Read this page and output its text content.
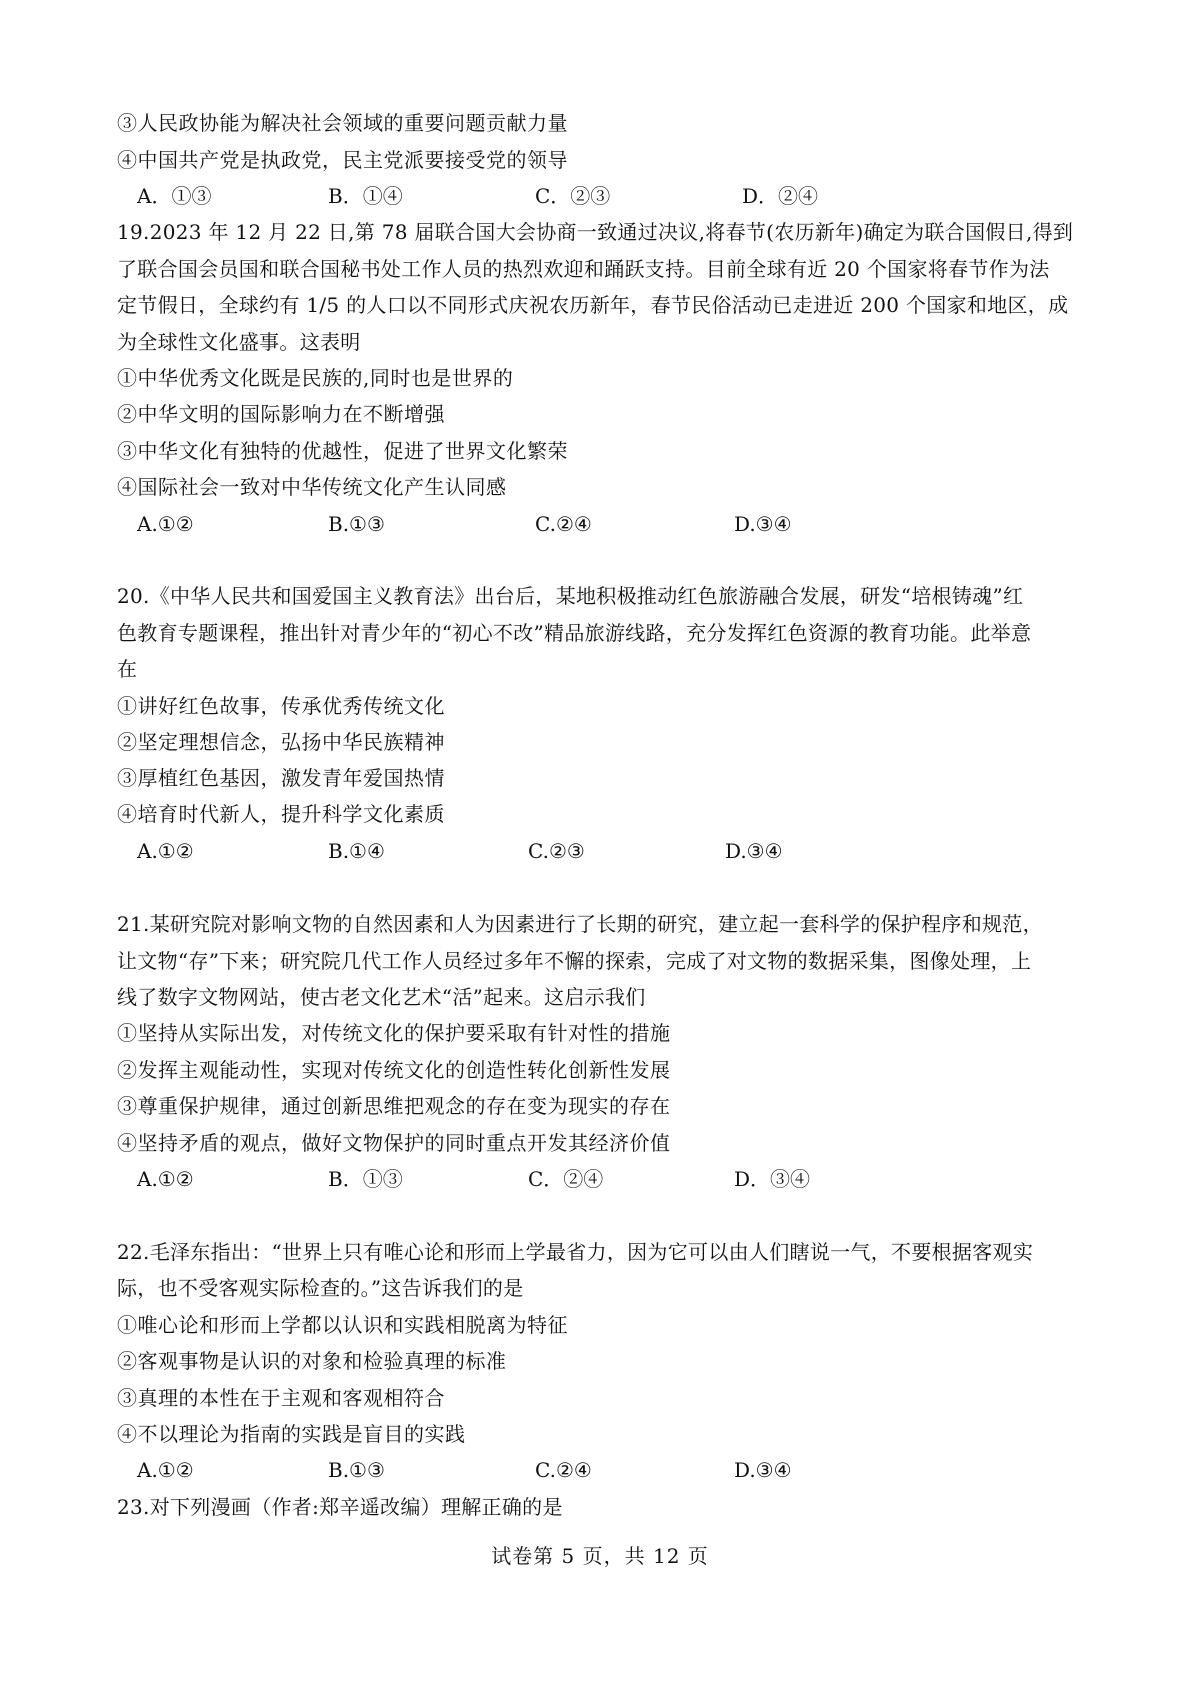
③人民政协能为解决社会领域的重要问题贡献力量
④中国共产党是执政党，民主党派要接受党的领导
A．①③	B．①④	C．②③	D．②④
19.2023 年 12 月 22 日,第 78 届联合国大会协商一致通过决议,将春节(农历新年)确定为联合国假日,得到
了联合国会员国和联合国秘书处工作人员的热烈欢迎和踊跃支持。目前全球有近 20 个国家将春节作为法
定节假日，全球约有 1/5 的人口以不同形式庆祝农历新年，春节民俗活动已走进近 200 个国家和地区，成
为全球性文化盛事。这表明
①中华优秀文化既是民族的,同时也是世界的
②中华文明的国际影响力在不断增强
③中华文化有独特的优越性，促进了世界文化繁荣
④国际社会一致对中华传统文化产生认同感
A.①②	B.①③	C.②④	D.③④
20.《中华人民共和国爱国主义教育法》出台后，某地积极推动红色旅游融合发展，研发“培根铸魂”红
色教育专题课程，推出针对青少年的“初心不改”精品旅游线路，充分发挥红色资源的教育功能。此举意
在
①讲好红色故事，传承优秀传统文化
②坚定理想信念，弘扬中华民族精神
③厚植红色基因，激发青年爱国热情
④培育时代新人，提升科学文化素质
A.①②	B.①④	C.②③	D.③④
21.某研究院对影响文物的自然因素和人为因素进行了长期的研究，建立起一套科学的保护程序和规范，
让文物“存”下来；研究院几代工作人员经过多年不懈的探索，完成了对文物的数据采集，图像处理，上
线了数字文物网站，使古老文化艺术“活”起来。这启示我们
①坚持从实际出发，对传统文化的保护要采取有针对性的措施
②发挥主观能动性，实现对传统文化的创造性转化创新性发展
③尊重保护规律，通过创新思维把观念的存在变为现实的存在
④坚持矛盾的观点，做好文物保护的同时重点开发其经济价值
A.①②	B．①③	C．②④	D．③④
22.毛泽东指出：“世界上只有唯心论和形而上学最省力，因为它可以由人们瞎说一气，不要根据客观实
际，也不受客观实际检查的。”这告诉我们的是
①唯心论和形而上学都以认识和实践相脱离为特征
②客观事物是认识的对象和检验真理的标准
③真理的本性在于主观和客观相符合
④不以理论为指南的实践是盲目的实践
A.①②	B.①③	C.②④	D.③④
23.对下列漫画（作者:郑辛遥改编）理解正确的是
试卷第 5 页，共 12 页
